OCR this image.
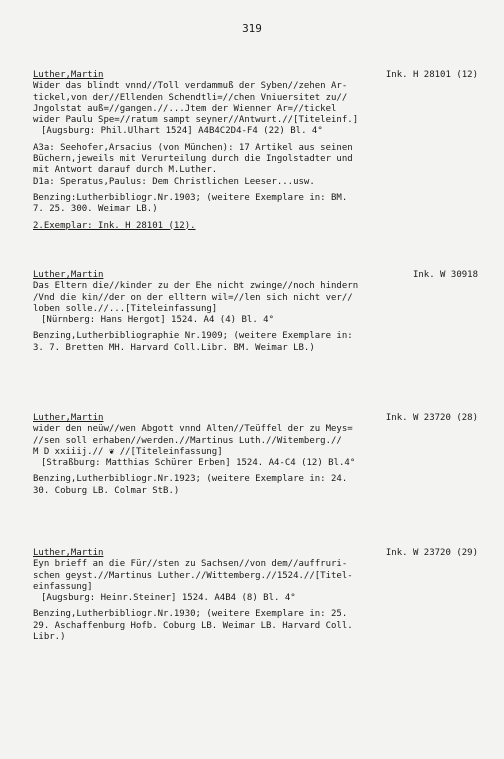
319
Luther,Martin	Ink. H 28101 (12)
Wider das blindt vnnd//Toll verdammuß der Syben//zehen Ar-
tickel,von der//Ellenden Schendtli=//chen Vniuersitet zu//
Jngolstat auß=//gangen.//...Jtem der Wienner Ar=//tickel
wider Paulu Spe=//ratum sampt seyner//Antwurt.//[Titeleinf.]
[Augsburg: Phil.Ulhart 1524] A4B4C2D4-F4 (22) Bl. 4°
A3a: Seehofer,Arsacius (von München): 17 Artikel aus seinen
Büchern,jeweils mit Verurteilung durch die Ingolstadter und
mit Antwort darauf durch M.Luther.
D1a: Speratus,Paulus: Dem Christlichen Leeser...usw.
Benzing:Lutherbibliogr.Nr.1903; (weitere Exemplare in: BM.
7. 25. 300. Weimar LB.)
2.Exemplar: Ink. H 28101 (12).
Luther,Martin	Ink. W 30918
Das Eltern die//kinder zu der Ehe nicht zwinge//noch hindern
/Vnd die kin//der on der elltern wil=//len sich nicht ver//
loben solle.//...[Titeleinfassung]
[Nürnberg: Hans Hergot] 1524. A4 (4) Bl. 4°
Benzing,Lutherbibliographie Nr.1909; (weitere Exemplare in:
3. 7. Bretten MH. Harvard Coll.Libr. BM. Weimar LB.)
Luther,Martin	Ink. W 23720 (28)
wider den neüw//wen Abgott vnnd Alten//Teüffel der zu Meys=
//sen soll erhaben//werden.//Martinus Luth.//Witemberg.//
M D xxiiij.// ❦ //[Titeleinfassung]
[Straßburg: Matthias Schürer Erben] 1524. A4-C4 (12) Bl.4°
Benzing,Lutherbibliogr.Nr.1923; (weitere Exemplare in: 24.
30. Coburg LB. Colmar StB.)
Luther,Martin	Ink. W 23720 (29)
Eyn brieff an die Für//sten zu Sachsen//von dem//auffruri-
schen geyst.//Martinus Luther.//Wittemberg.//1524.//[Titel-
einfassung]
[Augsburg: Heinr.Steiner] 1524. A4B4 (8) Bl. 4°
Benzing,Lutherbibliogr.Nr.1930; (weitere Exemplare in: 25.
29. Aschaffenburg Hofb. Coburg LB. Weimar LB. Harvard Coll.
Libr.)
